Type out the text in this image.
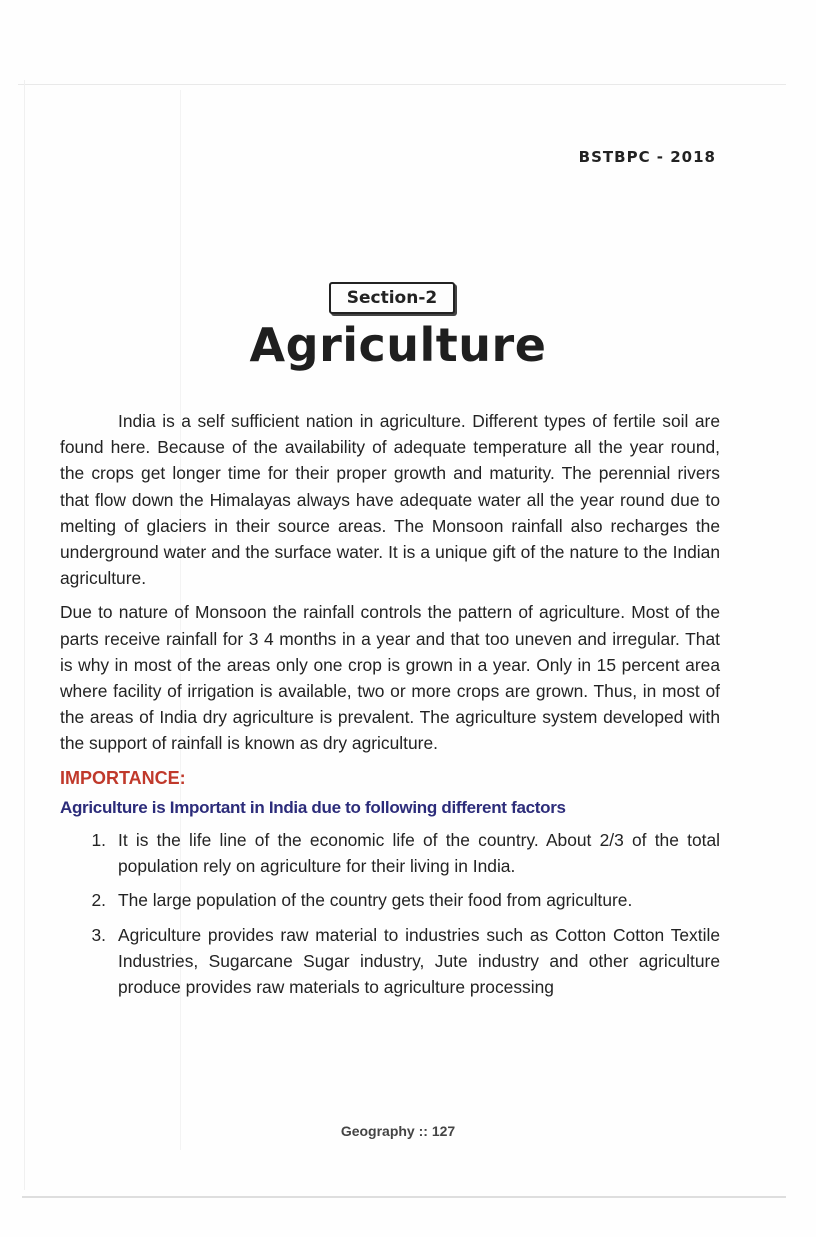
BSTBPC - 2018
Section-2
Agriculture

India is a self sufficient nation in agriculture. Different types of fertile soil are found here. Because of the availability of adequate temperature all the year round, the crops get longer time for their proper growth and maturity. The perennial rivers that flow down the Himalayas always have adequate water all the year round due to melting of glaciers in their source areas. The Monsoon rainfall also recharges the underground water and the surface water. It is a unique gift of the nature to the Indian agriculture.

Due to nature of Monsoon the rainfall controls the pattern of agriculture. Most of the parts receive rainfall for 3 4 months in a year and that too uneven and irregular. That is why in most of the areas only one crop is grown in a year. Only in 15 percent area where facility of irrigation is available, two or more crops are grown. Thus, in most of the areas of India dry agriculture is prevalent. The agriculture system developed with the support of rainfall is known as dry agriculture.

IMPORTANCE:
Agriculture is Important in India due to following different factors
1. It is the life line of the economic life of the country. About 2/3 of the total population rely on agriculture for their living in India.
2. The large population of the country gets their food from agriculture.
3. Agriculture provides raw material to industries such as Cotton Cotton Textile Industries, Sugarcane Sugar industry, Jute industry and other agriculture produce provides raw materials to agriculture processing
Geography :: 127
